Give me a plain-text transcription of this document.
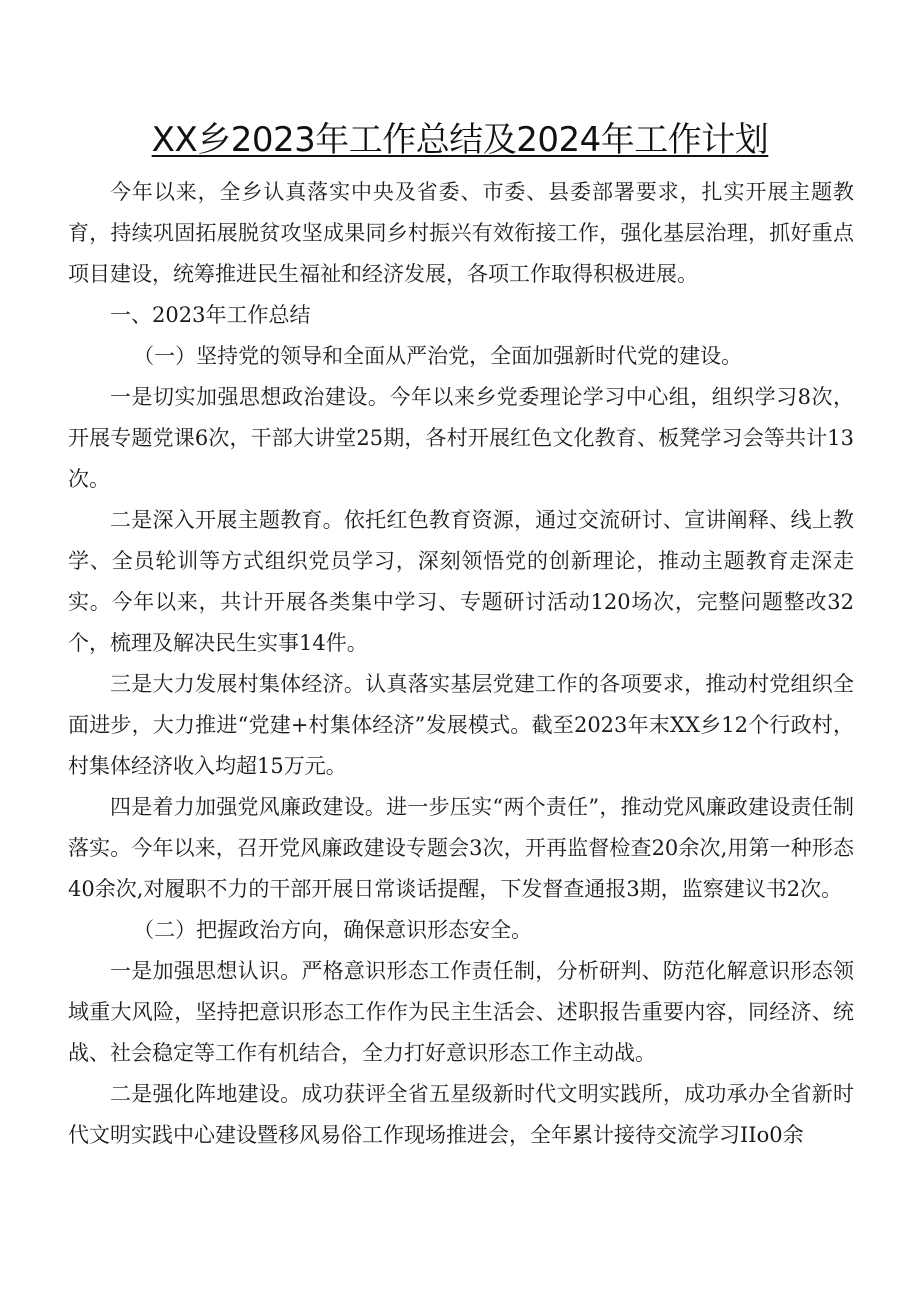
XX乡2023年工作总结及2024年工作计划

今年以来，全乡认真落实中央及省委、市委、县委部署要求，扎实开展主题教育，持续巩固拓展脱贫攻坚成果同乡村振兴有效衔接工作，强化基层治理，抓好重点项目建设，统筹推进民生福祉和经济发展，各项工作取得积极进展。

一、2023年工作总结

（一）坚持党的领导和全面从严治党，全面加强新时代党的建设。

一是切实加强思想政治建设。今年以来乡党委理论学习中心组，组织学习8次，开展专题党课6次，干部大讲堂25期，各村开展红色文化教育、板凳学习会等共计13次。

二是深入开展主题教育。依托红色教育资源，通过交流研讨、宣讲阐释、线上教学、全员轮训等方式组织党员学习，深刻领悟党的创新理论，推动主题教育走深走实。今年以来，共计开展各类集中学习、专题研讨活动120场次，完整问题整改32个，梳理及解决民生实事14件。

三是大力发展村集体经济。认真落实基层党建工作的各项要求，推动村党组织全面进步，大力推进“党建+村集体经济”发展模式。截至2023年末XX乡12个行政村，村集体经济收入均超15万元。

四是着力加强党风廉政建设。进一步压实“两个责任”，推动党风廉政建设责任制落实。今年以来，召开党风廉政建设专题会3次，开再监督检查20余次,用第一种形态40余次,对履职不力的干部开展日常谈话提醒，下发督查通报3期，监察建议书2次。

（二）把握政治方向，确保意识形态安全。

一是加强思想认识。严格意识形态工作责任制，分析研判、防范化解意识形态领域重大风险，坚持把意识形态工作作为民主生活会、述职报告重要内容，同经济、统战、社会稳定等工作有机结合，全力打好意识形态工作主动战。

二是强化阵地建设。成功获评全省五星级新时代文明实践所，成功承办全省新时代文明实践中心建设暨移风易俗工作现场推进会，全年累计接待交流学习IIo0余
